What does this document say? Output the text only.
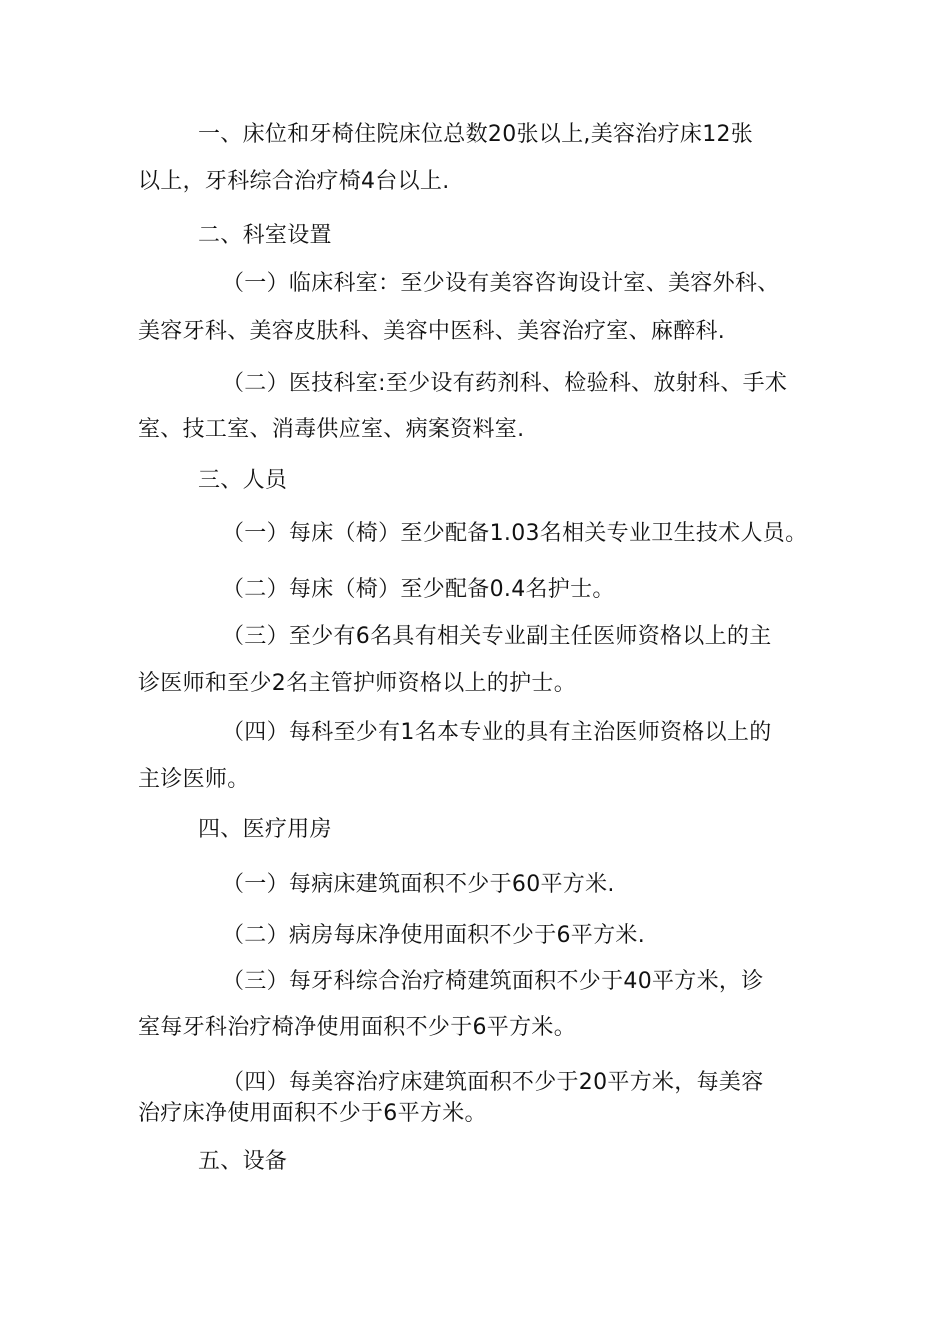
一、床位和牙椅住院床位总数20张以上,美容治疗床12张
以上，牙科综合治疗椅4台以上.
二、科室设置
（一）临床科室：至少设有美容咨询设计室、美容外科、
美容牙科、美容皮肤科、美容中医科、美容治疗室、麻醉科.
（二）医技科室:至少设有药剂科、检验科、放射科、手术
室、技工室、消毒供应室、病案资料室.
三、人员
（一）每床（椅）至少配备1.03名相关专业卫生技术人员。
（二）每床（椅）至少配备0.4名护士。
（三）至少有6名具有相关专业副主任医师资格以上的主
诊医师和至少2名主管护师资格以上的护士。
（四）每科至少有1名本专业的具有主治医师资格以上的
主诊医师。
四、医疗用房
（一）每病床建筑面积不少于60平方米.
（二）病房每床净使用面积不少于6平方米.
（三）每牙科综合治疗椅建筑面积不少于40平方米，诊
室每牙科治疗椅净使用面积不少于6平方米。
（四）每美容治疗床建筑面积不少于20平方米，每美容
治疗床净使用面积不少于6平方米。
五、设备
